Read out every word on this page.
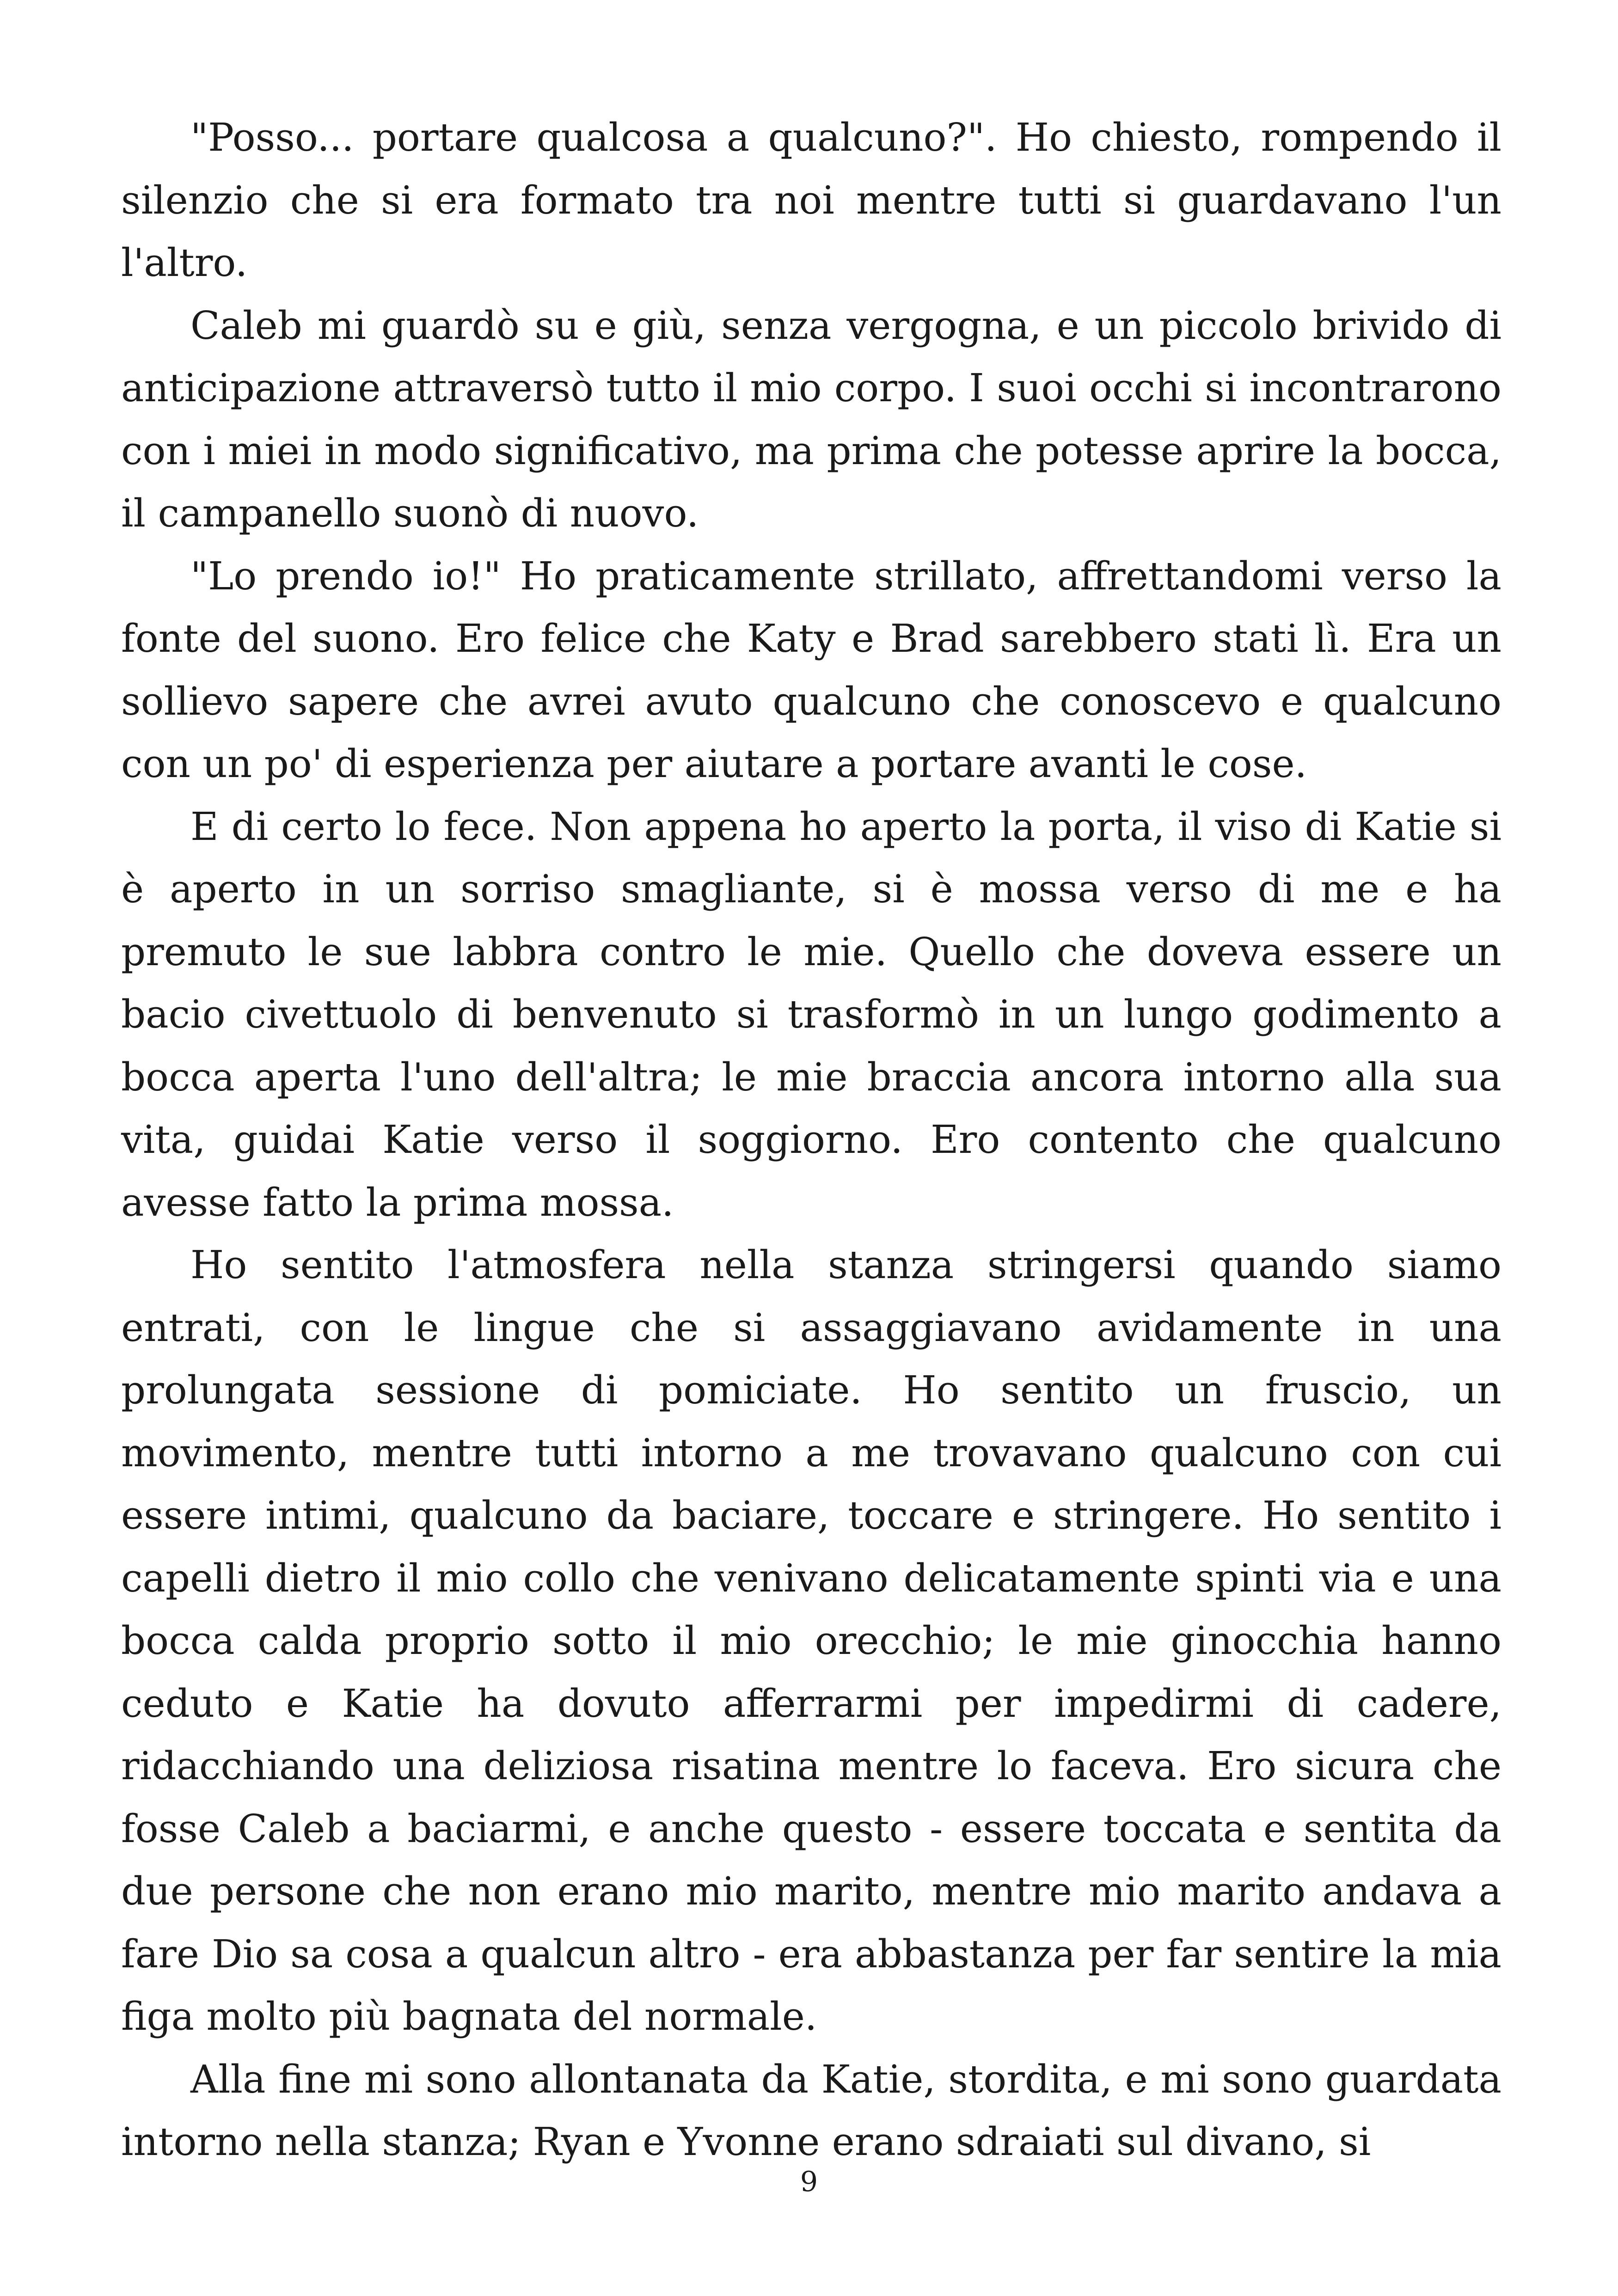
"Posso... portare qualcosa a qualcuno?". Ho chiesto, rompendo il silenzio che si era formato tra noi mentre tutti si guardavano l'un l'altro.

Caleb mi guardò su e giù, senza vergogna, e un piccolo brivido di anticipazione attraversò tutto il mio corpo. I suoi occhi si incontrarono con i miei in modo significativo, ma prima che potesse aprire la bocca, il campanello suonò di nuovo.

"Lo prendo io!" Ho praticamente strillato, affrettandomi verso la fonte del suono. Ero felice che Katy e Brad sarebbero stati lì. Era un sollievo sapere che avrei avuto qualcuno che conoscevo e qualcuno con un po' di esperienza per aiutare a portare avanti le cose.

E di certo lo fece. Non appena ho aperto la porta, il viso di Katie si è aperto in un sorriso smagliante, si è mossa verso di me e ha premuto le sue labbra contro le mie. Quello che doveva essere un bacio civettuolo di benvenuto si trasformò in un lungo godimento a bocca aperta l'uno dell'altra; le mie braccia ancora intorno alla sua vita, guidai Katie verso il soggiorno. Ero contento che qualcuno avesse fatto la prima mossa.

Ho sentito l'atmosfera nella stanza stringersi quando siamo entrati, con le lingue che si assaggiavano avidamente in una prolungata sessione di pomiciate. Ho sentito un fruscio, un movimento, mentre tutti intorno a me trovavano qualcuno con cui essere intimi, qualcuno da baciare, toccare e stringere. Ho sentito i capelli dietro il mio collo che venivano delicatamente spinti via e una bocca calda proprio sotto il mio orecchio; le mie ginocchia hanno ceduto e Katie ha dovuto afferrarmi per impedirmi di cadere, ridacchiando una deliziosa risatina mentre lo faceva. Ero sicura che fosse Caleb a baciarmi, e anche questo - essere toccata e sentita da due persone che non erano mio marito, mentre mio marito andava a fare Dio sa cosa a qualcun altro - era abbastanza per far sentire la mia figa molto più bagnata del normale.

Alla fine mi sono allontanata da Katie, stordita, e mi sono guardata intorno nella stanza; Ryan e Yvonne erano sdraiati sul divano, si

9
